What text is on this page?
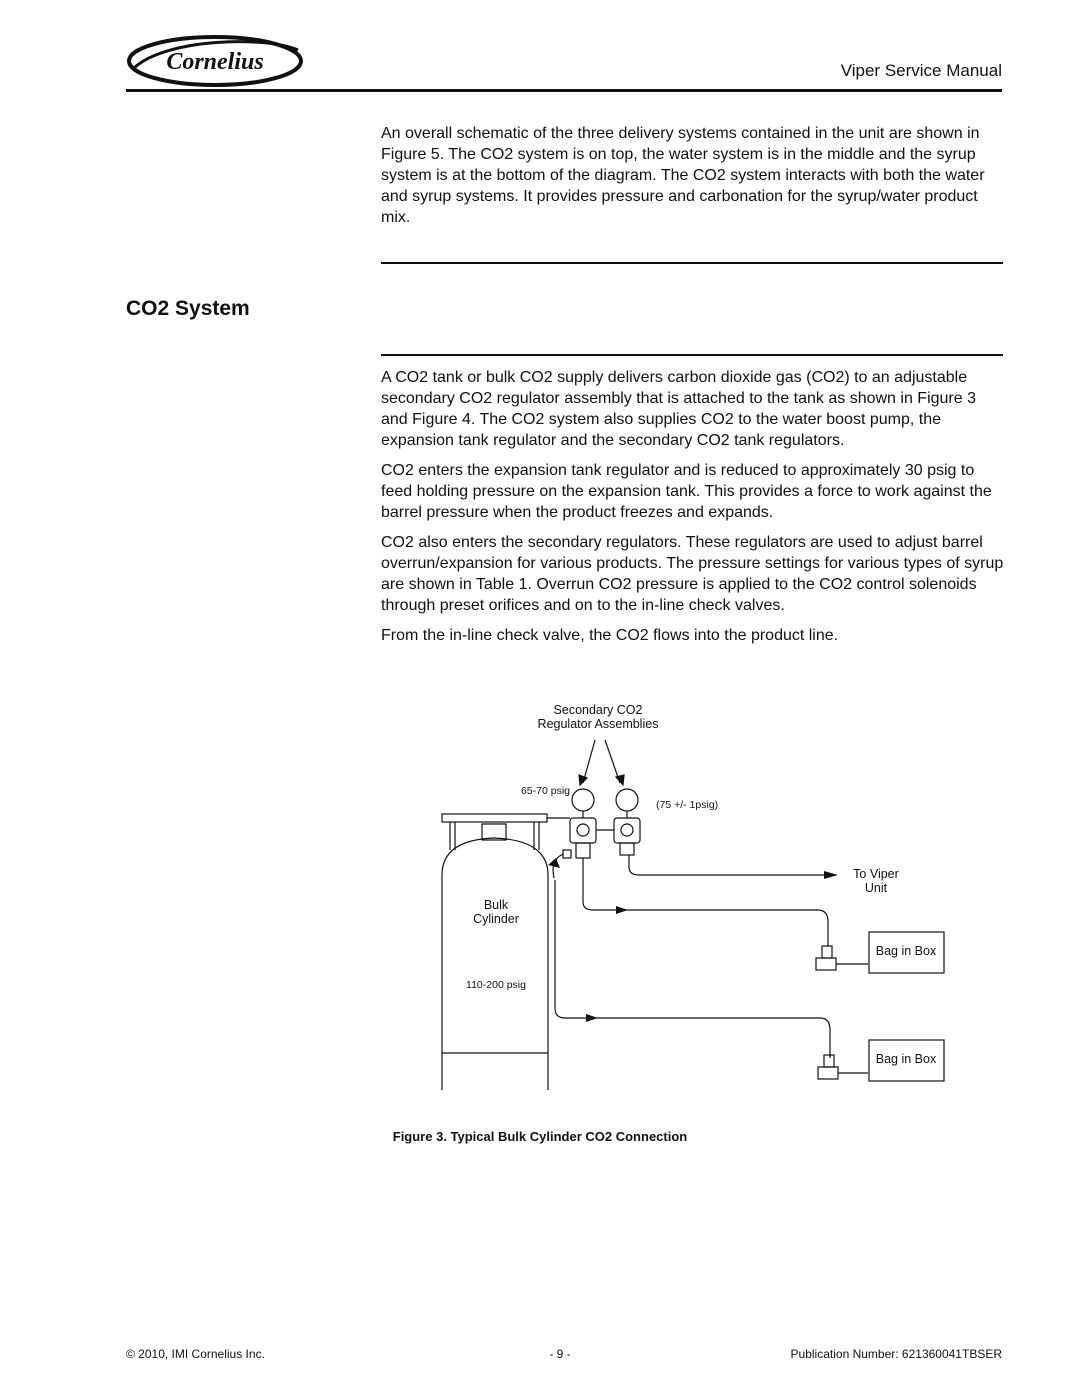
Cornelius	Viper Service Manual
An overall schematic of the three delivery systems contained in the unit are shown in Figure 5. The CO2 system is on top, the water system is in the middle and the syrup system is at the bottom of the diagram. The CO2 system interacts with both the water and syrup systems. It provides pressure and carbonation for the syrup/water product mix.
CO2 System
A CO2 tank or bulk CO2 supply delivers carbon dioxide gas (CO2) to an adjustable secondary CO2 regulator assembly that is attached to the tank as shown in Figure 3 and Figure 4. The CO2 system also supplies CO2 to the water boost pump, the expansion tank regulator and the secondary CO2 tank regulators.
CO2 enters the expansion tank regulator and is reduced to approximately 30 psig to feed holding pressure on the expansion tank. This provides a force to work against the barrel pressure when the product freezes and expands.
CO2 also enters the secondary regulators. These regulators are used to adjust barrel overrun/expansion for various products. The pressure settings for various types of syrup are shown in Table 1. Overrun CO2 pressure is applied to the CO2 control solenoids through preset orifices and on to the in-line check valves.
From the in-line check valve, the CO2 flows into the product line.
Secondary CO2
Regulator Assemblies
65-70 psig
(75 +/- 1psig)
To Viper
Unit
Bulk
Cylinder
110-200 psig
Bag in Box
Bag in Box
Figure 3. Typical Bulk Cylinder CO2 Connection
© 2010, IMI Cornelius Inc.	- 9 -	Publication Number: 621360041TBSER
